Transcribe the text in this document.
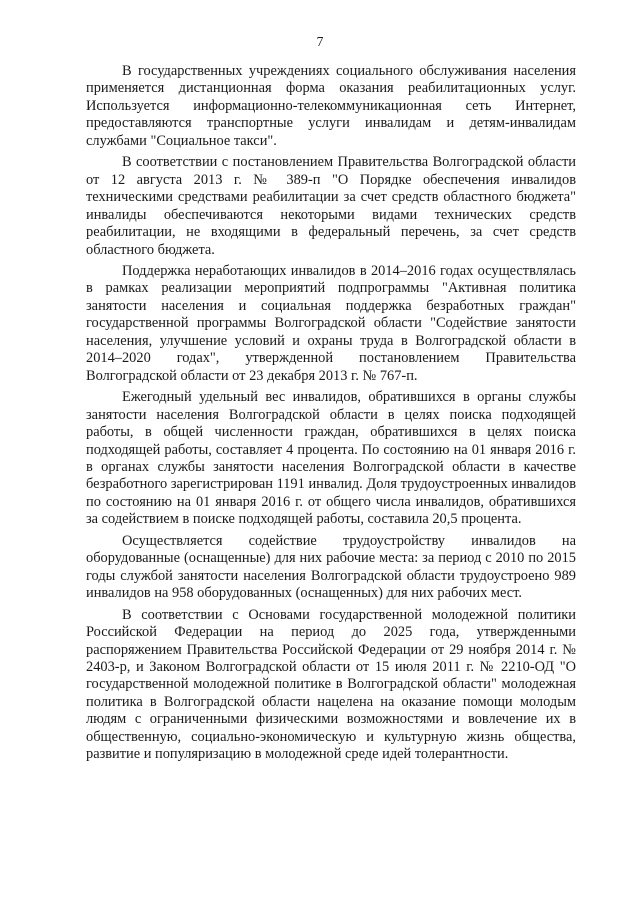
7

В государственных учреждениях социального обслуживания населения применяется дистанционная форма оказания реабилитационных услуг. Используется информационно-телекоммуникационная сеть Интернет, предоставляются транспортные услуги инвалидам и детям-инвалидам службами "Социальное такси".

В соответствии с постановлением Правительства Волгоградской области от 12 августа 2013 г. № 389-п "О Порядке обеспечения инвалидов техническими средствами реабилитации за счет средств областного бюджета" инвалиды обеспечиваются некоторыми видами технических средств реабилитации, не входящими в федеральный перечень, за счет средств областного бюджета.

Поддержка неработающих инвалидов в 2014–2016 годах осуществлялась в рамках реализации мероприятий подпрограммы "Активная политика занятости населения и социальная поддержка безработных граждан" государственной программы Волгоградской области "Содействие занятости населения, улучшение условий и охраны труда в Волгоградской области в 2014–2020 годах", утвержденной постановлением Правительства Волгоградской области от 23 декабря 2013 г. № 767-п.

Ежегодный удельный вес инвалидов, обратившихся в органы службы занятости населения Волгоградской области в целях поиска подходящей работы, в общей численности граждан, обратившихся в целях поиска подходящей работы, составляет 4 процента. По состоянию на 01 января 2016 г. в органах службы занятости населения Волгоградской области в качестве безработного зарегистрирован 1191 инвалид. Доля трудоустроенных инвалидов по состоянию на 01 января 2016 г. от общего числа инвалидов, обратившихся за содействием в поиске подходящей работы, составила 20,5 процента.

Осуществляется содействие трудоустройству инвалидов на оборудованные (оснащенные) для них рабочие места: за период с 2010 по 2015 годы службой занятости населения Волгоградской области трудоустроено 989 инвалидов на 958 оборудованных (оснащенных) для них рабочих мест.

В соответствии с Основами государственной молодежной политики Российской Федерации на период до 2025 года, утвержденными распоряжением Правительства Российской Федерации от 29 ноября 2014 г. № 2403-р, и Законом Волгоградской области от 15 июля 2011 г. № 2210-ОД "О государственной молодежной политике в Волгоградской области" молодежная политика в Волгоградской области нацелена на оказание помощи молодым людям с ограниченными физическими возможностями и вовлечение их в общественную, социально-экономическую и культурную жизнь общества, развитие и популяризацию в молодежной среде идей толерантности.
